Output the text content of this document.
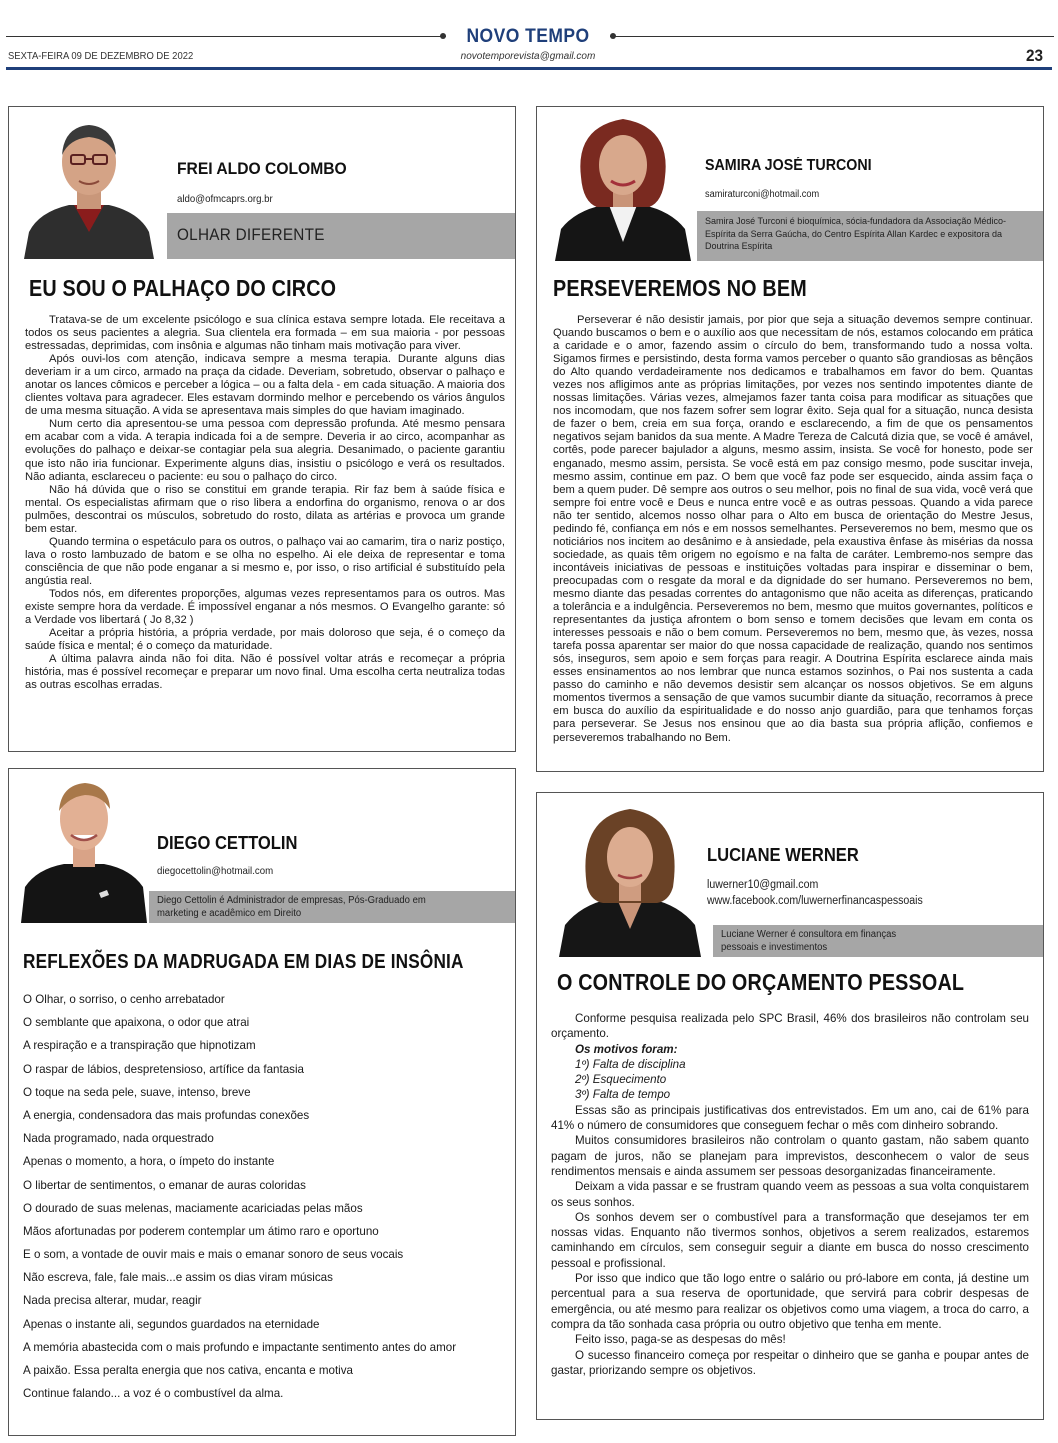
NOVO TEMPO
SEXTA-FEIRA 09 DE DEZEMBRO DE 2022	novotemporevista@gmail.com	23
FREI ALDO COLOMBO
aldo@ofmcaprs.org.br
OLHAR DIFERENTE
EU SOU O PALHAÇO DO CIRCO

Tratava-se de um excelente psicólogo e sua clínica estava sempre lotada. Ele receitava a todos os seus pacientes a alegria. Sua clientela era formada – em sua maioria - por pessoas estressadas, deprimidas, com insônia e algumas não tinham mais motivação para viver.

Após ouvi-los com atenção, indicava sempre a mesma terapia. Durante alguns dias deveriam ir a um circo, armado na praça da cidade. Deveriam, sobretudo, observar o palhaço e anotar os lances cômicos e perceber a lógica – ou a falta dela - em cada situação. A maioria dos clientes voltava para agradecer. Eles estavam dormindo melhor e percebendo os vários ângulos de uma mesma situação. A vida se apresentava mais simples do que haviam imaginado.

Num certo dia apresentou-se uma pessoa com depressão profunda. Até mesmo pensara em acabar com a vida. A terapia indicada foi a de sempre. Deveria ir ao circo, acompanhar as evoluções do palhaço e deixar-se contagiar pela sua alegria. Desanimado, o paciente garantiu que isto não iria funcionar. Experimente alguns dias, insistiu o psicólogo e verá os resultados. Não adianta, esclareceu o paciente: eu sou o palhaço do circo.

Não há dúvida que o riso se constitui em grande terapia. Rir faz bem à saúde física e mental. Os especialistas afirmam que o riso libera a endorfina do organismo, renova o ar dos pulmões, descontrai os músculos, sobretudo do rosto, dilata as artérias e provoca um grande bem estar.

Quando termina o espetáculo para os outros, o palhaço vai ao camarim, tira o nariz postiço, lava o rosto lambuzado de batom e se olha no espelho. Ai ele deixa de representar e toma consciência de que não pode enganar a si mesmo e, por isso, o riso artificial é substituído pela angústia real.

Todos nós, em diferentes proporções, algumas vezes representamos para os outros. Mas existe sempre hora da verdade. É impossível enganar a nós mesmos. O Evangelho garante: só a Verdade vos libertará ( Jo 8,32 )

Aceitar a própria história, a própria verdade, por mais doloroso que seja, é o começo da saúde física e mental; é o começo da maturidade.

A última palavra ainda não foi dita. Não é possível voltar atrás e recomeçar a própria história, mas é possível recomeçar e preparar um novo final. Uma escolha certa neutraliza todas as outras escolhas erradas.

SAMIRA JOSÉ TURCONI
samiraturconi@hotmail.com
Samira José Turconi é bioquímica, sócia-fundadora da Associação Médico-Espírita da Serra Gaúcha, do Centro Espírita Allan Kardec e expositora da Doutrina Espírita
PERSEVEREMOS NO BEM

Perseverar é não desistir jamais, por pior que seja a situação devemos sempre continuar. Quando buscamos o bem e o auxílio aos que necessitam de nós, estamos colocando em prática a caridade e o amor, fazendo assim o círculo do bem, transformando tudo a nossa volta. Sigamos firmes e persistindo, desta forma vamos perceber o quanto são grandiosas as bênçãos do Alto quando verdadeiramente nos dedicamos e trabalhamos em favor do bem. Quantas vezes nos afligimos ante as próprias limitações, por vezes nos sentindo impotentes diante de nossas limitações. Várias vezes, almejamos fazer tanta coisa para modificar as situações que nos incomodam, que nos fazem sofrer sem lograr êxito. Seja qual for a situação, nunca desista de fazer o bem, creia em sua força, orando e esclarecendo, a fim de que os pensamentos negativos sejam banidos da sua mente. A Madre Tereza de Calcutá dizia que, se você é amável, cortês, pode parecer bajulador a alguns, mesmo assim, insista. Se você for honesto, pode ser enganado, mesmo assim, persista. Se você está em paz consigo mesmo, pode suscitar inveja, mesmo assim, continue em paz. O bem que você faz pode ser esquecido, ainda assim faça o bem a quem puder. Dê sempre aos outros o seu melhor, pois no final de sua vida, você verá que sempre foi entre você e Deus e nunca entre você e as outras pessoas. Quando a vida parece não ter sentido, alcemos nosso olhar para o Alto em busca de orientação do Mestre Jesus, pedindo fé, confiança em nós e em nossos semelhantes. Perseveremos no bem, mesmo que os noticiários nos incitem ao desânimo e à ansiedade, pela exaustiva ênfase às misérias da nossa sociedade, as quais têm origem no egoísmo e na falta de caráter. Lembremo-nos sempre das incontáveis iniciativas de pessoas e instituições voltadas para inspirar e disseminar o bem, preocupadas com o resgate da moral e da dignidade do ser humano. Perseveremos no bem, mesmo diante das pesadas correntes do antagonismo que não aceita as diferenças, praticando a tolerância e a indulgência. Perseveremos no bem, mesmo que muitos governantes, políticos e representantes da justiça afrontem o bom senso e tomem decisões que levam em conta os interesses pessoais e não o bem comum. Perseveremos no bem, mesmo que, às vezes, nossa tarefa possa aparentar ser maior do que nossa capacidade de realização, quando nos sentimos sós, inseguros, sem apoio e sem forças para reagir. A Doutrina Espírita esclarece ainda mais esses ensinamentos ao nos lembrar que nunca estamos sozinhos, o Pai nos sustenta a cada passo do caminho e não devemos desistir sem alcançar os nossos objetivos. Se em alguns momentos tivermos a sensação de que vamos sucumbir diante da situação, recorramos à prece em busca do auxílio da espiritualidade e do nosso anjo guardião, para que tenhamos forças para perseverar. Se Jesus nos ensinou que ao dia basta sua própria aflição, confiemos e perseveremos trabalhando no Bem.

DIEGO CETTOLIN
diegocettolin@hotmail.com
Diego Cettolin é Administrador de empresas, Pós-Graduado em marketing e acadêmico em Direito
REFLEXÕES DA MADRUGADA EM DIAS DE INSÔNIA
O Olhar, o sorriso, o cenho arrebatador
O semblante que apaixona, o odor que atrai
A respiração e a transpiração que hipnotizam
O raspar de lábios, despretensioso, artífice da fantasia
O toque na seda pele, suave, intenso, breve
A energia, condensadora das mais profundas conexões
Nada programado, nada orquestrado
Apenas o momento, a hora, o ímpeto do instante
O libertar de sentimentos, o emanar de auras coloridas
O dourado de suas melenas, maciamente acariciadas pelas mãos
Mãos afortunadas por poderem contemplar um átimo raro e oportuno
E o som, a vontade de ouvir mais e mais o emanar sonoro de seus vocais
Não escreva, fale, fale mais...e assim os dias viram músicas
Nada precisa alterar, mudar, reagir
Apenas o instante ali, segundos guardados na eternidade
A memória abastecida com o mais profundo e impactante sentimento antes do amor
A paixão. Essa peralta energia que nos cativa, encanta e motiva
Continue falando... a voz é o combustível da alma.
LUCIANE WERNER
luwerner10@gmail.com
www.facebook.com/luwernerfinancaspessoais
Luciane Werner é consultora em finanças pessoais e investimentos
O CONTROLE DO ORÇAMENTO PESSOAL

Conforme pesquisa realizada pelo SPC Brasil, 46% dos brasileiros não controlam seu orçamento.

Os motivos foram:

1º) Falta de disciplina

2º) Esquecimento

3º) Falta de tempo

Essas são as principais justificativas dos entrevistados. Em um ano, cai de 61% para 41% o número de consumidores que conseguem fechar o mês com dinheiro sobrando.

Muitos consumidores brasileiros não controlam o quanto gastam, não sabem quanto pagam de juros, não se planejam para imprevistos, desconhecem o valor de seus rendimentos mensais e ainda assumem ser pessoas desorganizadas financeiramente.

Deixam a vida passar e se frustram quando veem as pessoas a sua volta conquistarem os seus sonhos.

Os sonhos devem ser o combustível para a transformação que desejamos ter em nossas vidas. Enquanto não tivermos sonhos, objetivos a serem realizados, estaremos caminhando em círculos, sem conseguir seguir a diante em busca do nosso crescimento pessoal e profissional.

Por isso que indico que tão logo entre o salário ou pró-labore em conta, já destine um percentual para a sua reserva de oportunidade, que servirá para cobrir despesas de emergência, ou até mesmo para realizar os objetivos como uma viagem, a troca do carro, a compra da tão sonhada casa própria ou outro objetivo que tenha em mente.

Feito isso, paga-se as despesas do mês!

O sucesso financeiro começa por respeitar o dinheiro que se ganha e poupar antes de gastar, priorizando sempre os objetivos.
